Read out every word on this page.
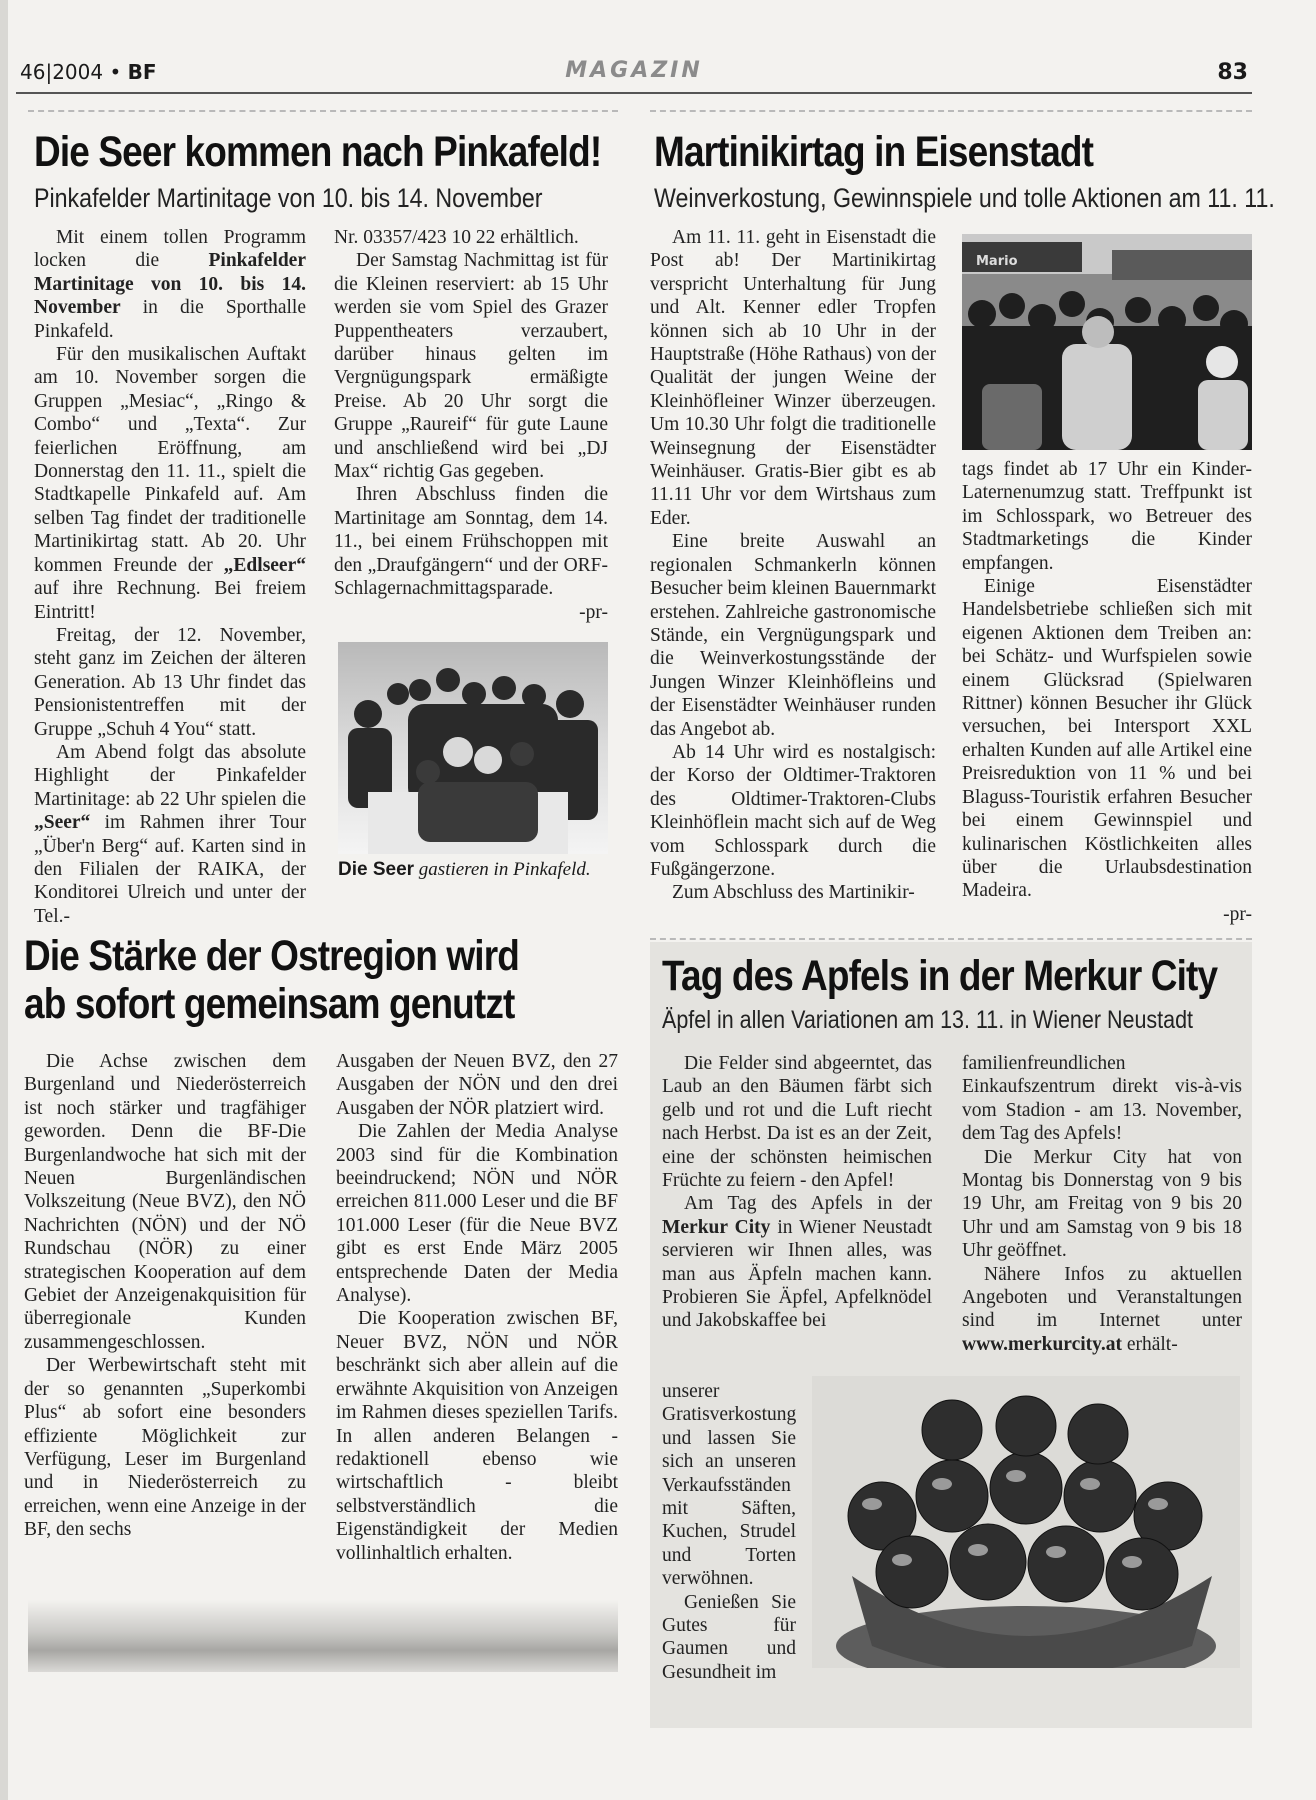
46|2004 • BF	MAGAZIN	83
Die Seer kommen nach Pinkafeld!
Pinkafelder Martinitage von 10. bis 14. November

Mit einem tollen Programm locken die Pinkafelder Martinitage von 10. bis 14. November in die Sporthalle Pinkafeld.

Für den musikalischen Auftakt am 10. November sorgen die Gruppen „Mesiac“, „Ringo & Combo“ und „Texta“. Zur feierlichen Eröffnung, am Donnerstag den 11. 11., spielt die Stadtkapelle Pinkafeld auf. Am selben Tag findet der traditionelle Martinikirtag statt. Ab 20. Uhr kommen Freunde der „Edlseer“ auf ihre Rechnung. Bei freiem Eintritt!

Freitag, der 12. November, steht ganz im Zeichen der älteren Generation. Ab 13 Uhr findet das Pensionistentreffen mit der Gruppe „Schuh 4 You“ statt.

Am Abend folgt das absolute Highlight der Pinkafelder Martinitage: ab 22 Uhr spielen die „Seer“ im Rahmen ihrer Tour „Über'n Berg“ auf. Karten sind in den Filialen der RAIKA, der Konditorei Ulreich und unter der Tel.-

Nr. 03357/423 10 22 erhältlich.

Der Samstag Nachmittag ist für die Kleinen reserviert: ab 15 Uhr werden sie vom Spiel des Grazer Puppentheaters verzaubert, darüber hinaus gelten im Vergnügungspark ermäßigte Preise. Ab 20 Uhr sorgt die Gruppe „Raureif“ für gute Laune und anschließend wird bei „DJ Max“ richtig Gas gegeben.

Ihren Abschluss finden die Martinitage am Sonntag, dem 14. 11., bei einem Frühschoppen mit den „Draufgängern“ und der ORF-Schlagernachmittagsparade.

-pr-
Die Seer gastieren in Pinkafeld.
Martinikirtag in Eisenstadt
Weinverkostung, Gewinnspiele und tolle Aktionen am 11. 11.

Am 11. 11. geht in Eisenstadt die Post ab! Der Martinikirtag verspricht Unterhaltung für Jung und Alt. Kenner edler Tropfen können sich ab 10 Uhr in der Hauptstraße (Höhe Rathaus) von der Qualität der jungen Weine der Kleinhöfleiner Winzer überzeugen. Um 10.30 Uhr folgt die traditionelle Weinsegnung der Eisenstädter Weinhäuser. Gratis-Bier gibt es ab 11.11 Uhr vor dem Wirtshaus zum Eder.

Eine breite Auswahl an regionalen Schmankerln können Besucher beim kleinen Bauernmarkt erstehen. Zahlreiche gastronomische Stände, ein Vergnügungspark und die Weinverkostungsstände der Jungen Winzer Kleinhöfleins und der Eisenstädter Weinhäuser runden das Angebot ab.

Ab 14 Uhr wird es nostalgisch: der Korso der Oldtimer-Traktoren des Oldtimer-Traktoren-Clubs Kleinhöflein macht sich auf de Weg vom Schlosspark durch die Fußgängerzone.

Zum Abschluss des Martinikir-

Mario

tags findet ab 17 Uhr ein Kinder-Laternenumzug statt. Treffpunkt ist im Schlosspark, wo Betreuer des Stadtmarketings die Kinder empfangen.

Einige Eisenstädter Handelsbetriebe schließen sich mit eigenen Aktionen dem Treiben an: bei Schätz- und Wurfspielen sowie einem Glücksrad (Spielwaren Rittner) können Besucher ihr Glück versuchen, bei Intersport XXL erhalten Kunden auf alle Artikel eine Preisreduktion von 11 % und bei Blaguss-Touristik erfahren Besucher bei einem Gewinnspiel und kulinarischen Köstlichkeiten alles über die Urlaubsdestination Madeira.

-pr-
Die Stärke der Ostregion wird
ab sofort gemeinsam genutzt

Die Achse zwischen dem Burgenland und Niederösterreich ist noch stärker und tragfähiger geworden. Denn die BF-Die Burgenlandwoche hat sich mit der Neuen Burgenländischen Volkszeitung (Neue BVZ), den NÖ Nachrichten (NÖN) und der NÖ Rundschau (NÖR) zu einer strategischen Kooperation auf dem Gebiet der Anzeigenakquisition für überregionale Kunden zusammengeschlossen.

Der Werbewirtschaft steht mit der so genannten „Superkombi Plus“ ab sofort eine besonders effiziente Möglichkeit zur Verfügung, Leser im Burgenland und in Niederösterreich zu erreichen, wenn eine Anzeige in der BF, den sechs

Ausgaben der Neuen BVZ, den 27 Ausgaben der NÖN und den drei Ausgaben der NÖR platziert wird.

Die Zahlen der Media Analyse 2003 sind für die Kombination beeindruckend; NÖN und NÖR erreichen 811.000 Leser und die BF 101.000 Leser (für die Neue BVZ gibt es erst Ende März 2005 entsprechende Daten der Media Analyse).

Die Kooperation zwischen BF, Neuer BVZ, NÖN und NÖR beschränkt sich aber allein auf die erwähnte Akquisition von Anzeigen im Rahmen dieses speziellen Tarifs. In allen anderen Belangen - redaktionell ebenso wie wirtschaftlich - bleibt selbstverständlich die Eigenständigkeit der Medien vollinhaltlich erhalten.

Tag des Apfels in der Merkur City
Äpfel in allen Variationen am 13. 11. in Wiener Neustadt

Die Felder sind abgeerntet, das Laub an den Bäumen färbt sich gelb und rot und die Luft riecht nach Herbst. Da ist es an der Zeit, eine der schönsten heimischen Früchte zu feiern - den Apfel!

Am Tag des Apfels in der Merkur City in Wiener Neustadt servieren wir Ihnen alles, was man aus Äpfeln machen kann. Probieren Sie Äpfel, Apfelknödel und Jakobskaffee bei

unserer Gratisverkostung und lassen Sie sich an unseren Verkaufsständen mit Säften, Kuchen, Strudel und Torten verwöhnen.

Genießen Sie Gutes für Gaumen und Gesundheit im

familienfreundlichen Einkaufszentrum direkt vis-à-vis vom Stadion - am 13. November, dem Tag des Apfels!

Die Merkur City hat von Montag bis Donnerstag von 9 bis 19 Uhr, am Freitag von 9 bis 20 Uhr und am Samstag von 9 bis 18 Uhr geöffnet.

Nähere Infos zu aktuellen Angeboten und Veranstaltungen sind im Internet unter www.merkurcity.at erhält-
